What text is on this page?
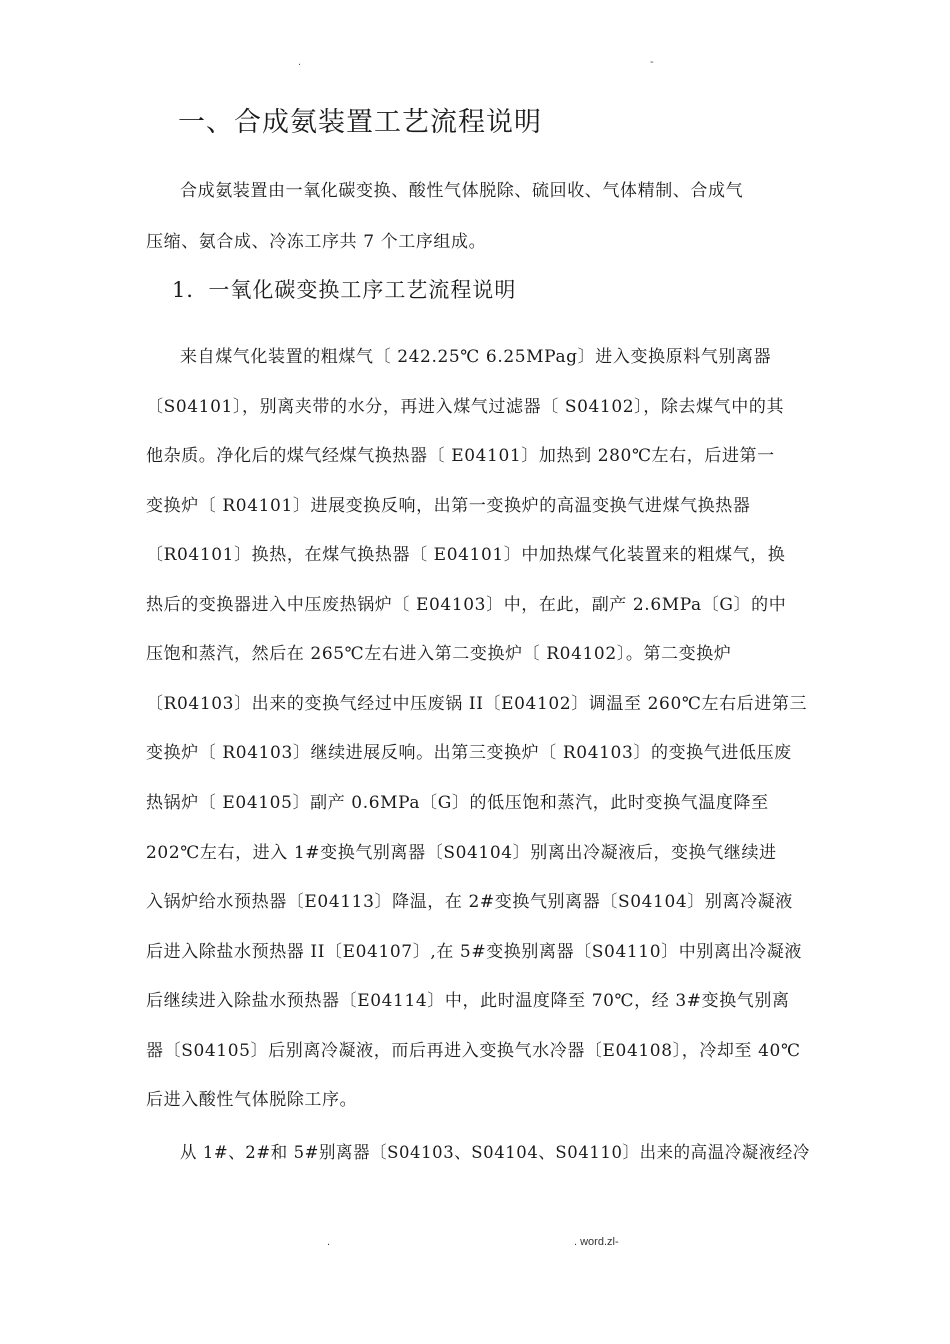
.	-
一、合成氨装置工艺流程说明
合成氨装置由一氧化碳变换、酸性气体脱除、硫回收、气体精制、合成气
压缩、氨合成、冷冻工序共 7 个工序组成。
1．一氧化碳变换工序工艺流程说明
来自煤气化装置的粗煤气〔 242.25℃ 6.25MPag〕进入变换原料气别离器
〔S04101〕，别离夹带的水分，再进入煤气过滤器〔 S04102〕，除去煤气中的其
他杂质。净化后的煤气经煤气换热器〔 E04101〕加热到 280℃左右，后进第一
变换炉〔 R04101〕进展变换反响，出第一变换炉的高温变换气进煤气换热器
〔R04101〕换热，在煤气换热器〔 E04101〕中加热煤气化装置来的粗煤气，换
热后的变换器进入中压废热锅炉〔 E04103〕中，在此，副产 2.6MPa〔G〕的中
压饱和蒸汽，然后在 265℃左右进入第二变换炉〔 R04102〕。第二变换炉
〔R04103〕出来的变换气经过中压废锅 II〔E04102〕调温至 260℃左右后进第三
变换炉〔 R04103〕继续进展反响。出第三变换炉〔 R04103〕的变换气进低压废
热锅炉〔 E04105〕副产 0.6MPa〔G〕的低压饱和蒸汽，此时变换气温度降至
202℃左右，进入 1#变换气别离器〔S04104〕别离出冷凝液后，变换气继续进
入锅炉给水预热器〔E04113〕降温，在 2#变换气别离器〔S04104〕别离冷凝液
后进入除盐水预热器 II〔E04107〕,在 5#变换别离器〔S04110〕中别离出冷凝液
后继续进入除盐水预热器〔E04114〕中，此时温度降至 70℃，经 3#变换气别离
器〔S04105〕后别离冷凝液，而后再进入变换气水冷器〔E04108〕，冷却至 40℃
后进入酸性气体脱除工序。
从 1#、2#和 5#别离器〔S04103、S04104、S04110〕出来的高温冷凝液经冷
.	. word.zl-
